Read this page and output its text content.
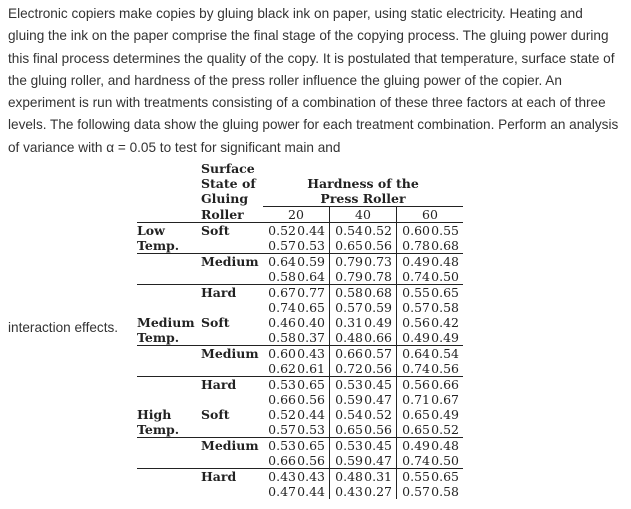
Electronic copiers make copies by gluing black ink on paper, using static electricity. Heating and gluing the ink on the paper comprise the final stage of the copying process. The gluing power during this final process determines the quality of the copy. It is postulated that temperature, surface state of the gluing roller, and hardness of the press roller influence the gluing power of the copier. An experiment is run with treatments consisting of a combination of these three factors at each of three levels. The following data show the gluing power for each treatment combination. Perform an analysis of variance with α = 0.05 to test for significant main and

interaction effects.
	Surface			
	State of	Hardness of the		
	Gluing	Press Roller		
	Roller	20	40	60
Low	Soft	0.520.44	0.540.52	0.600.55
Temp.		0.570.53	0.650.56	0.780.68
	Medium	0.640.59	0.790.73	0.490.48
		0.580.64	0.790.78	0.740.50
	Hard	0.670.77	0.580.68	0.550.65
		0.740.65	0.570.59	0.570.58
Medium	Soft	0.460.40	0.310.49	0.560.42
Temp.		0.580.37	0.480.66	0.490.49
	Medium	0.600.43	0.660.57	0.640.54
		0.620.61	0.720.56	0.740.56
	Hard	0.530.65	0.530.45	0.560.66
		0.660.56	0.590.47	0.710.67
High	Soft	0.520.44	0.540.52	0.650.49
Temp.		0.570.53	0.650.56	0.650.52
	Medium	0.530.65	0.530.45	0.490.48
		0.660.56	0.590.47	0.740.50
	Hard	0.430.43	0.480.31	0.550.65
		0.470.44	0.430.27	0.570.58
